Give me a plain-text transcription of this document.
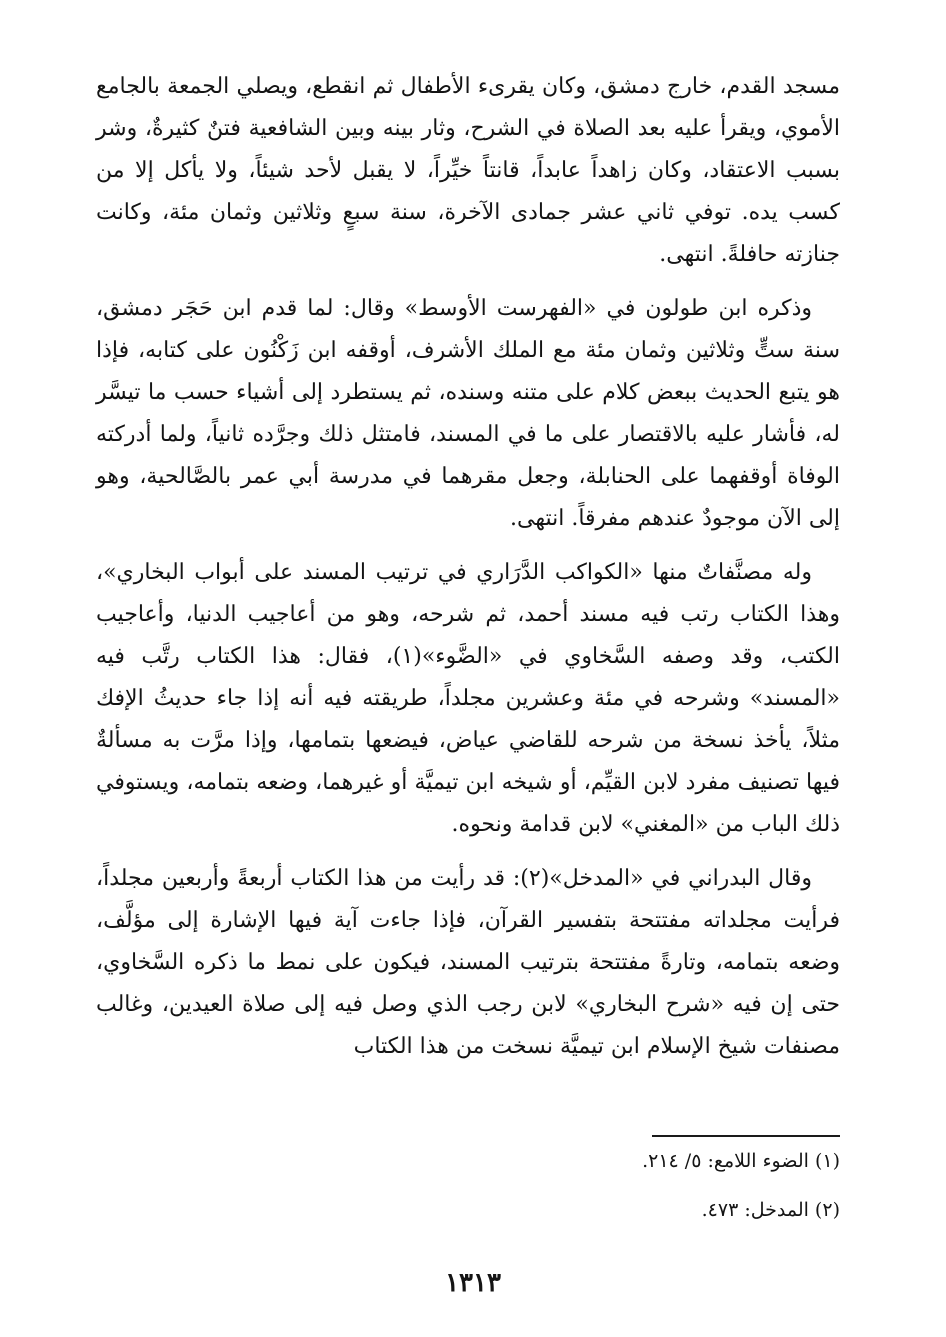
مسجد القدم، خارج دمشق، وكان يقرىء الأطفال ثم انقطع، ويصلي الجمعة بالجامع الأموي، ويقرأ عليه بعد الصلاة في الشرح، وثار بينه وبين الشافعية فتنٌ كثيرةٌ، وشر بسبب الاعتقاد، وكان زاهداً عابداً، قانتاً خيِّراً، لا يقبل لأحد شيئاً، ولا يأكل إلا من كسب يده. توفي ثاني عشر جمادى الآخرة، سنة سبعٍ وثلاثين وثمان مئة، وكانت جنازته حافلةً. انتهى.

وذكره ابن طولون في «الفهرست الأوسط» وقال: لما قدم ابن حَجَر دمشق، سنة ستٍّ وثلاثين وثمان مئة مع الملك الأشرف، أوقفه ابن زَكْنُون على كتابه، فإذا هو يتبع الحديث ببعض كلام على متنه وسنده، ثم يستطرد إلى أشياء حسب ما تيسَّر له، فأشار عليه بالاقتصار على ما في المسند، فامتثل ذلك وجرَّده ثانياً، ولما أدركته الوفاة أوقفهما على الحنابلة، وجعل مقرهما في مدرسة أبي عمر بالصَّالحية، وهو إلى الآن موجودٌ عندهم مفرقاً. انتهى.

وله مصنَّفاتٌ منها «الكواكب الدَّرَاري في ترتيب المسند على أبواب البخاري»، وهذا الكتاب رتب فيه مسند أحمد، ثم شرحه، وهو من أعاجيب الدنيا، وأعاجيب الكتب، وقد وصفه السَّخاوي في «الضَّوء»(١)، فقال: هذا الكتاب رتَّب فيه «المسند» وشرحه في مئة وعشرين مجلداً، طريقته فيه أنه إذا جاء حديثُ الإفك مثلاً، يأخذ نسخة من شرحه للقاضي عياض، فيضعها بتمامها، وإذا مرَّت به مسألةٌ فيها تصنيف مفرد لابن القيِّم، أو شيخه ابن تيميَّة أو غيرهما، وضعه بتمامه، ويستوفي ذلك الباب من «المغني» لابن قدامة ونحوه.

وقال البدراني في «المدخل»(٢): قد رأيت من هذا الكتاب أربعةً وأربعين مجلداً، فرأيت مجلداته مفتتحة بتفسير القرآن، فإذا جاءت آية فيها الإشارة إلى مؤلَّف، وضعه بتمامه، وتارةً مفتتحة بترتيب المسند، فيكون على نمط ما ذكره السَّخاوي، حتى إن فيه «شرح البخاري» لابن رجب الذي وصل فيه إلى صلاة العيدين، وغالب مصنفات شيخ الإسلام ابن تيميَّة نسخت من هذا الكتاب

(١) الضوء اللامع: ٥/ ٢١٤.
(٢) المدخل: ٤٧٣.
١٣١٣
